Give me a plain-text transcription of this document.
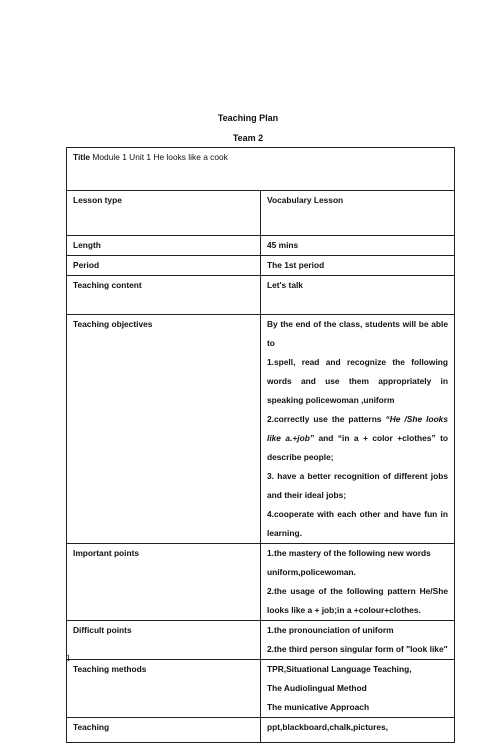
Teaching Plan
Team 2
Title Module 1 Unit 1 He looks like a cook	
Lesson type	Vocabulary Lesson
Length	45 mins
Period	The 1st period
Teaching content	Let's talk
Teaching objectives	By the end of the class, students will be able to
1.spell, read and recognize the following words and use them appropriately in speaking policewoman ,uniform
2.correctly use the patterns “He /She looks like a.+job” and “in a + color +clothes” to describe people;
3. have a better recognition of different jobs and their ideal jobs;
4.cooperate with each other and have fun in learning.

Important points	1.the mastery of the following new words uniform,policewoman.
2.the usage of the following pattern He/She looks like a + job;in a +colour+clothes.

Difficult points	1.the pronounciation of uniform
2.the third person singular form of "look like"

Teaching methods	TPR,Situational Language Teaching,
The Audiolingual Method
The municative Approach

Teaching	ppt,blackboard,chalk,pictures,
1
